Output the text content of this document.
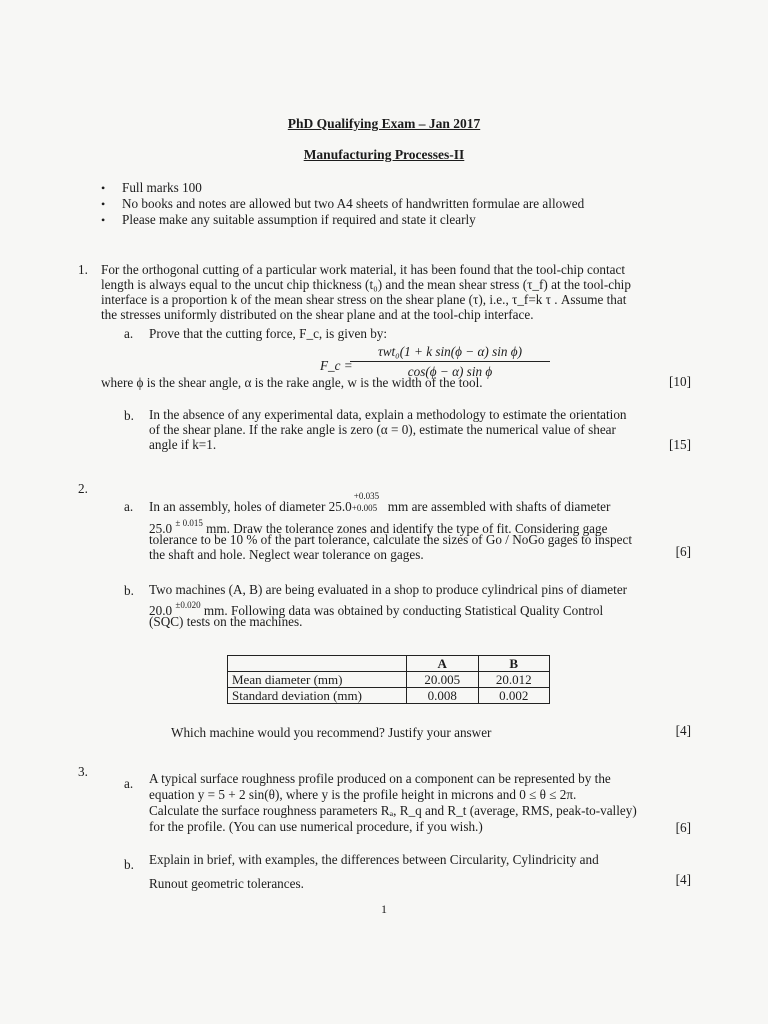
PhD Qualifying Exam – Jan 2017
Manufacturing Processes-II
• Full marks 100
• No books and notes are allowed but two A4 sheets of handwritten formulae are allowed
• Please make any suitable assumption if required and state it clearly
1. For the orthogonal cutting of a particular work material, it has been found that the tool-chip contact
length is always equal to the uncut chip thickness (t₀) and the mean shear stress (τ_f) at the tool-chip
interface is a proportion k of the mean shear stress on the shear plane (τ), i.e., τ_f=k τ . Assume that
the stresses uniformly distributed on the shear plane and at the tool-chip interface.
a. Prove that the cutting force, F_c, is given by:
F_c =
τwt₀(1 + k sin(ϕ − α) sin ϕ)
cos(ϕ − α) sin ϕ
where ϕ is the shear angle, α is the rake angle, w is the width of the tool.	[10]
b. In the absence of any experimental data, explain a methodology to estimate the orientation
of the shear plane. If the rake angle is zero (α = 0), estimate the numerical value of shear
angle if k=1.	[15]
2.
a. In an assembly, holes of diameter 25.0
+0.035
+0.005 mm are assembled with shafts of diameter
25.0 $^{\pm 0.015}$ mm. Draw the tolerance zones and identify the type of fit. Considering gage
tolerance to be 10 % of the part tolerance, calculate the sizes of Go / NoGo gages to inspect
the shaft and hole. Neglect wear tolerance on gages.	[6]
b. Two machines (A, B) are being evaluated in a shop to produce cylindrical pins of diameter
20.0 $^{\pm 0.020}$ mm. Following data was obtained by conducting Statistical Quality Control
(SQC) tests on the machines.
	A	B
Mean diameter (mm)	20.005	20.012
Standard deviation (mm)	0.008	0.002
Which machine would you recommend? Justify your answer	[4]
3.
a. A typical surface roughness profile produced on a component can be represented by the
equation y = 5 + 2 sin(θ), where y is the profile height in microns and 0 ≤ θ ≤ 2π.
Calculate the surface roughness parameters Rₐ, R_q and R_t (average, RMS, peak-to-valley)
for the profile. (You can use numerical procedure, if you wish.)	[6]
b. Explain in brief, with examples, the differences between Circularity, Cylindricity and
Runout geometric tolerances.	[4]
1
